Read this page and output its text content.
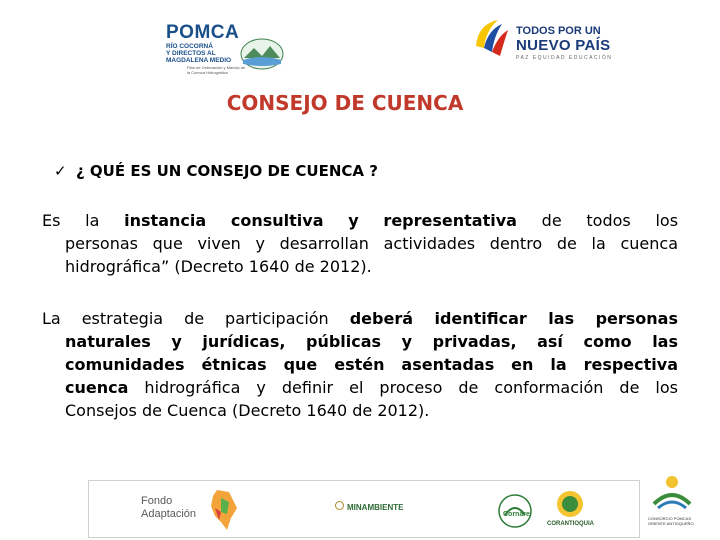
POMCA
RÍO COCORNÁ
Y DIRECTOS AL
MAGDALENA MEDIO
Plan de Ordenación y Manejo de la Cuenca Hidrográfica
TODOS POR UN
NUEVO PAÍS
PAZ EQUIDAD EDUCACIÓN
CONSEJO DE CUENCA
✓ ¿ QUÉ ES UN CONSEJO DE CUENCA ?
Es la instancia consultiva y representativa de todos los
personas que viven y desarrollan actividades dentro de la cuenca
hidrográfica” (Decreto 1640 de 2012).
La estrategia de participación deberá identificar las personas
naturales y jurídicas, públicas y privadas, así como las
comunidades étnicas que estén asentadas en la respectiva
cuenca hidrográfica y definir el proceso de conformación de los
Consejos de Cuenca (Decreto 1640 de 2012).
Fondo
Adaptación
MINAMBIENTE
Cornare
CORANTIOQUIA
CONSORCIO POMCAS ORIENTE ANTIOQUEÑO
